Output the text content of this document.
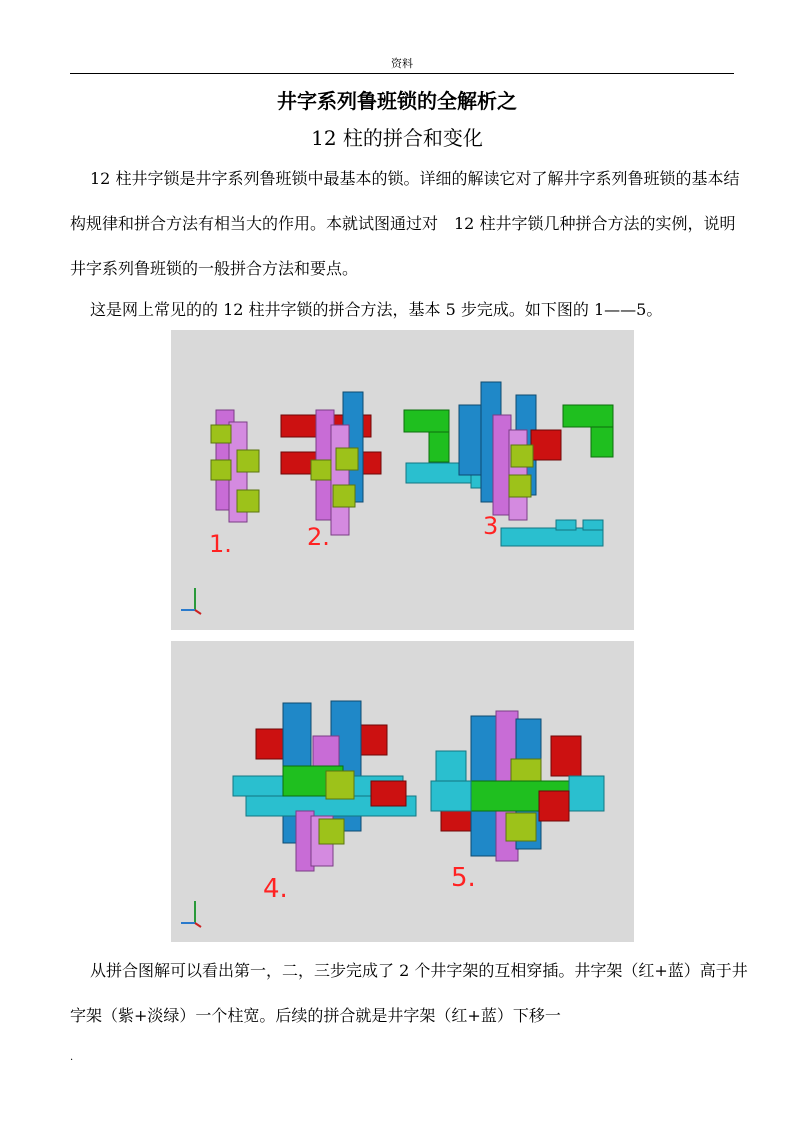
资料
井字系列鲁班锁的全解析之
12 柱的拼合和变化
12 柱井字锁是井字系列鲁班锁中最基本的锁。详细的解读它对了解井字系列鲁班锁的基本结构规律和拼合方法有相当大的作用。本就试图通过对　12 柱井字锁几种拼合方法的实例，说明井字系列鲁班锁的一般拼合方法和要点。
这是网上常见的的 12 柱井字锁的拼合方法，基本 5 步完成。如下图的 1——5。
1.	2.	3
4.	5.
从拼合图解可以看出第一，二，三步完成了 2 个井字架的互相穿插。井字架（红+蓝）高于井字架（紫+淡绿）一个柱宽。后续的拼合就是井字架（红+蓝）下移一
.
